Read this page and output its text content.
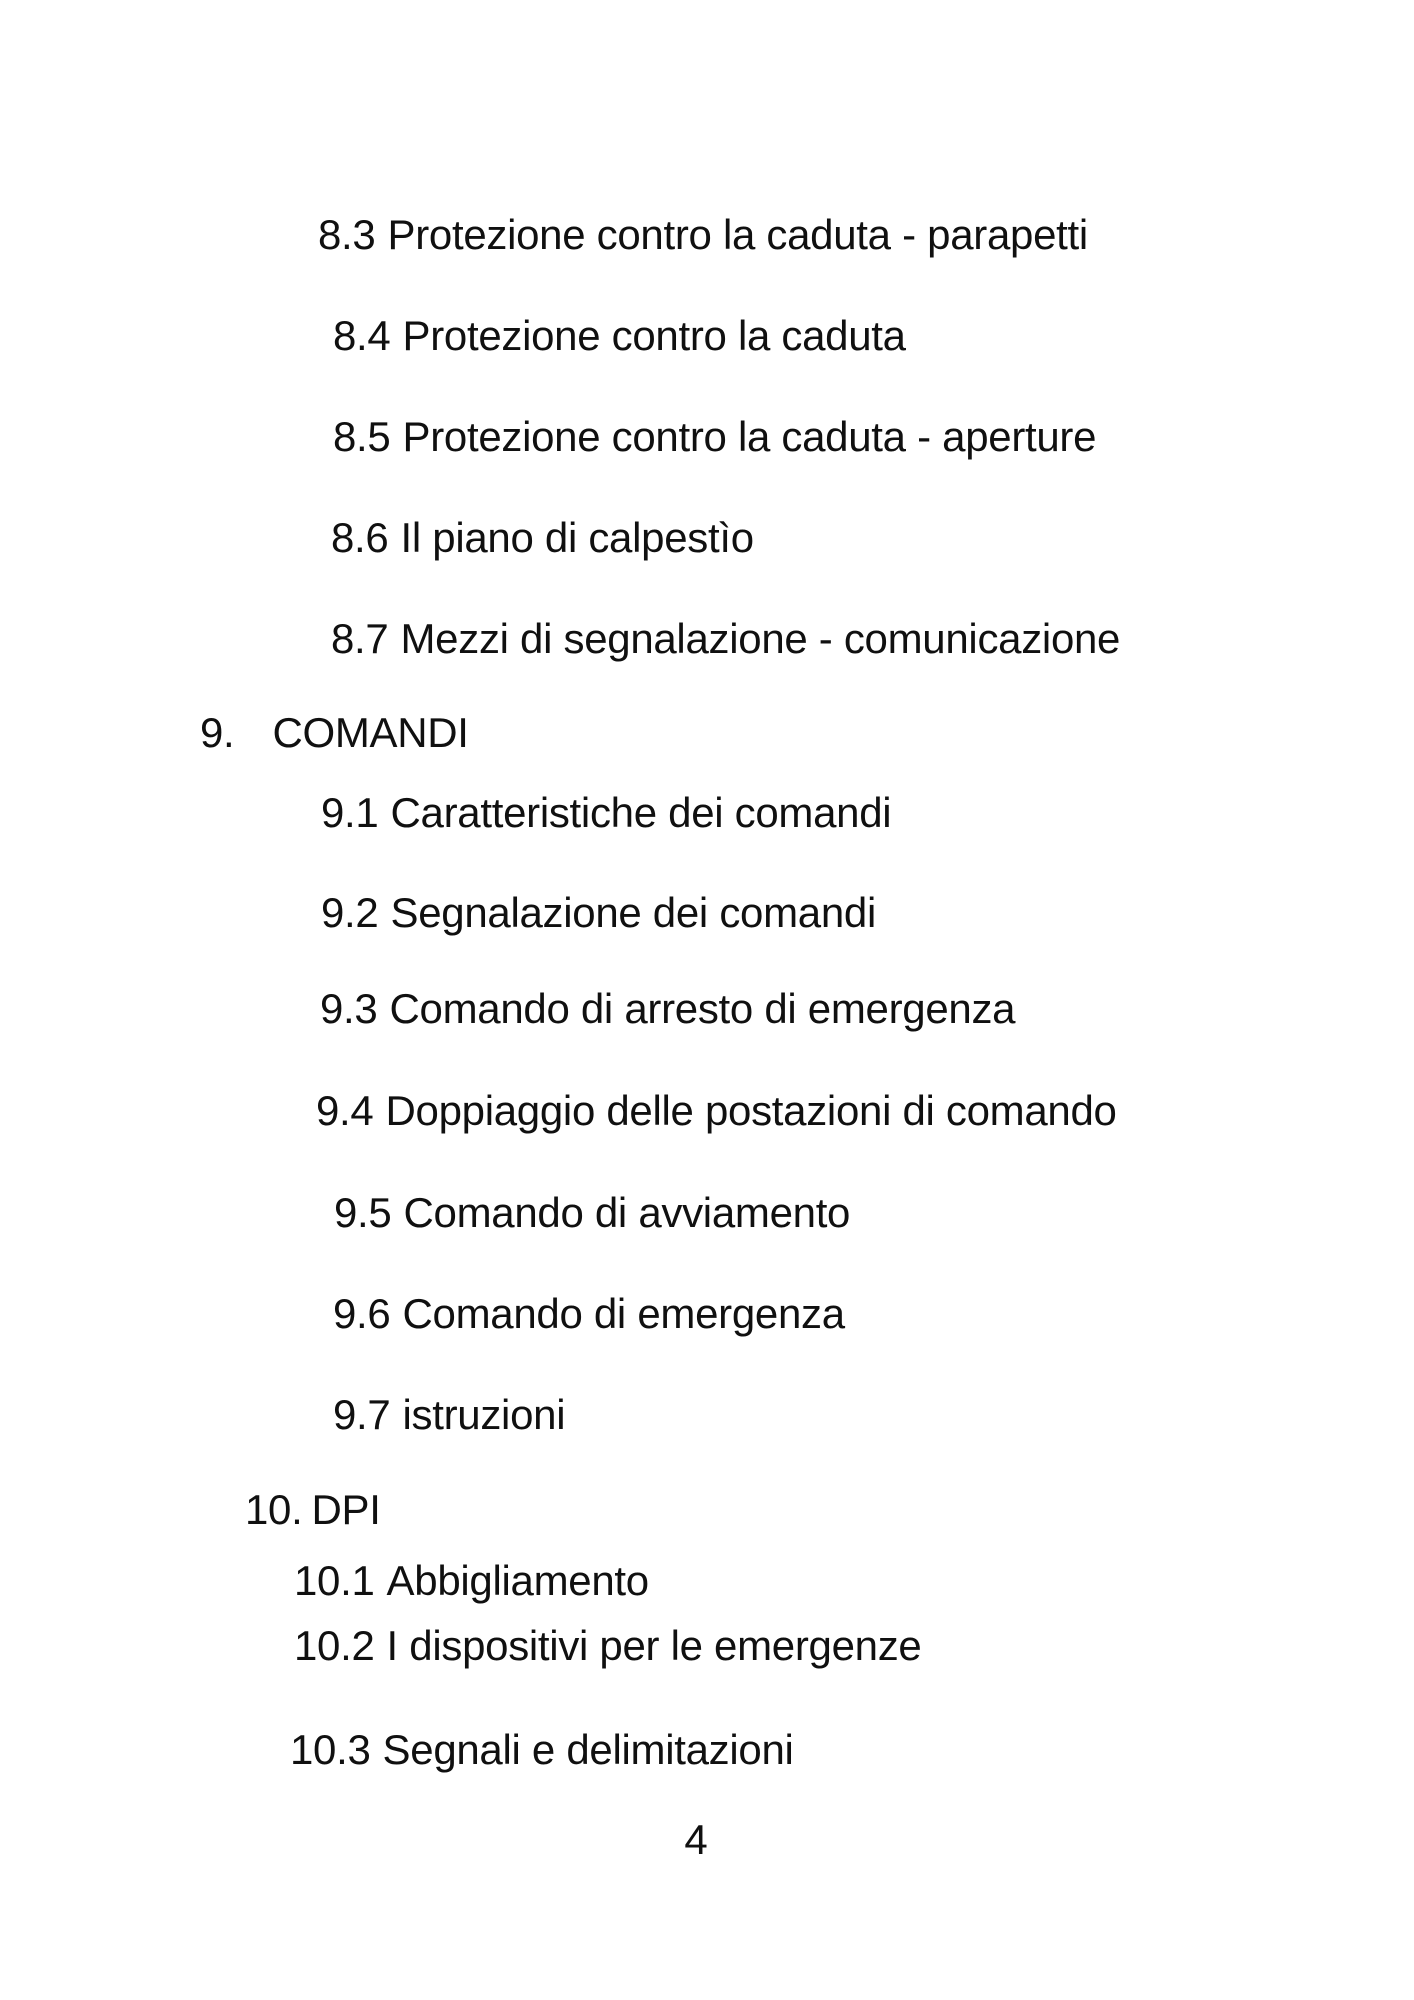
8.3 Protezione contro la caduta - parapetti
8.4 Protezione contro la caduta
8.5 Protezione contro la caduta - aperture
8.6 Il piano di calpestìo
8.7 Mezzi di segnalazione - comunicazione
9. COMANDI
9.1 Caratteristiche dei comandi
9.2 Segnalazione dei comandi
9.3 Comando di arresto di emergenza
9.4 Doppiaggio delle postazioni di comando
9.5 Comando di avviamento
9.6 Comando di emergenza
9.7 istruzioni
10. DPI
10.1 Abbigliamento
10.2 I dispositivi per le emergenze
10.3 Segnali e delimitazioni
4
